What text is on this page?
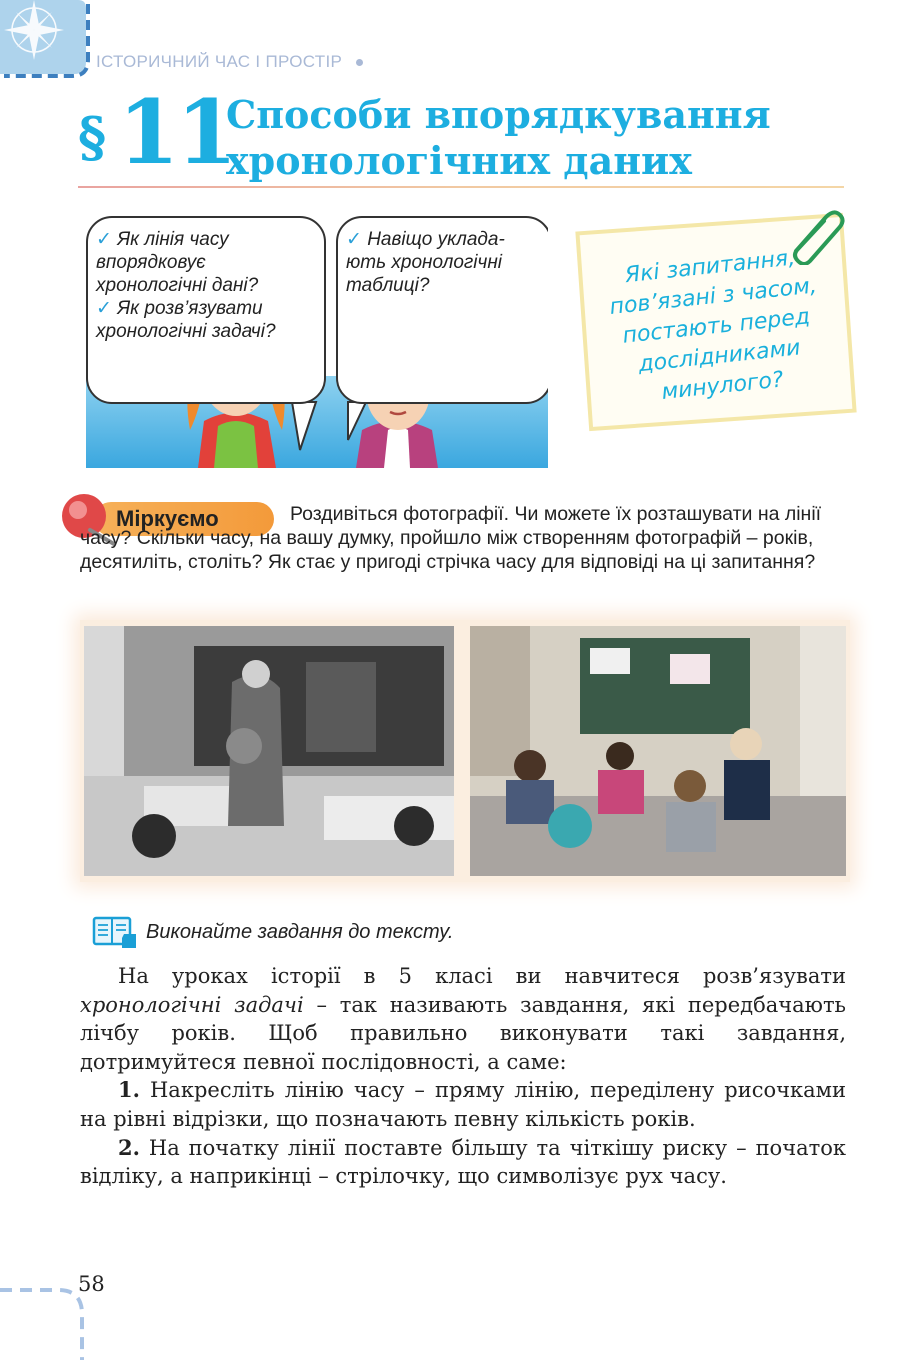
ІСТОРИЧНИЙ ЧАС І ПРОСТІР
§ 11
Способи впорядкування хронологічних даних
✓ Як лінія часу впорядковує хронологічні дані?
✓ Як розв’язувати хронологічні задачі?
✓ Навіщо уклада-ють хронологічні таблиці?	Які запитання, пов’язані з часом, постають перед дослідниками минулого?
Міркуємо	Роздивіться фотографії. Чи можете їх розташувати на лінії часу? Скільки часу, на вашу думку, пройшло між створенням фотографій – років, десятиліть, століть? Як стає у пригоді стрічка часу для відповіді на ці запитання?
Виконайте завдання до тексту.

На уроках історії в 5 класі ви навчитеся розв’язувати хронологічні задачі – так називають завдання, які передбачають лічбу років. Щоб правильно виконувати такі завдання, дотримуйтеся певної послідовності, а саме:

1. Накресліть лінію часу – пряму лінію, переділену рисочками на рівні відрізки, що позначають певну кількість років.

2. На початку лінії поставте більшу та чіткішу риску – початок відліку, а наприкінці – стрілочку, що символізує рух часу.

58
